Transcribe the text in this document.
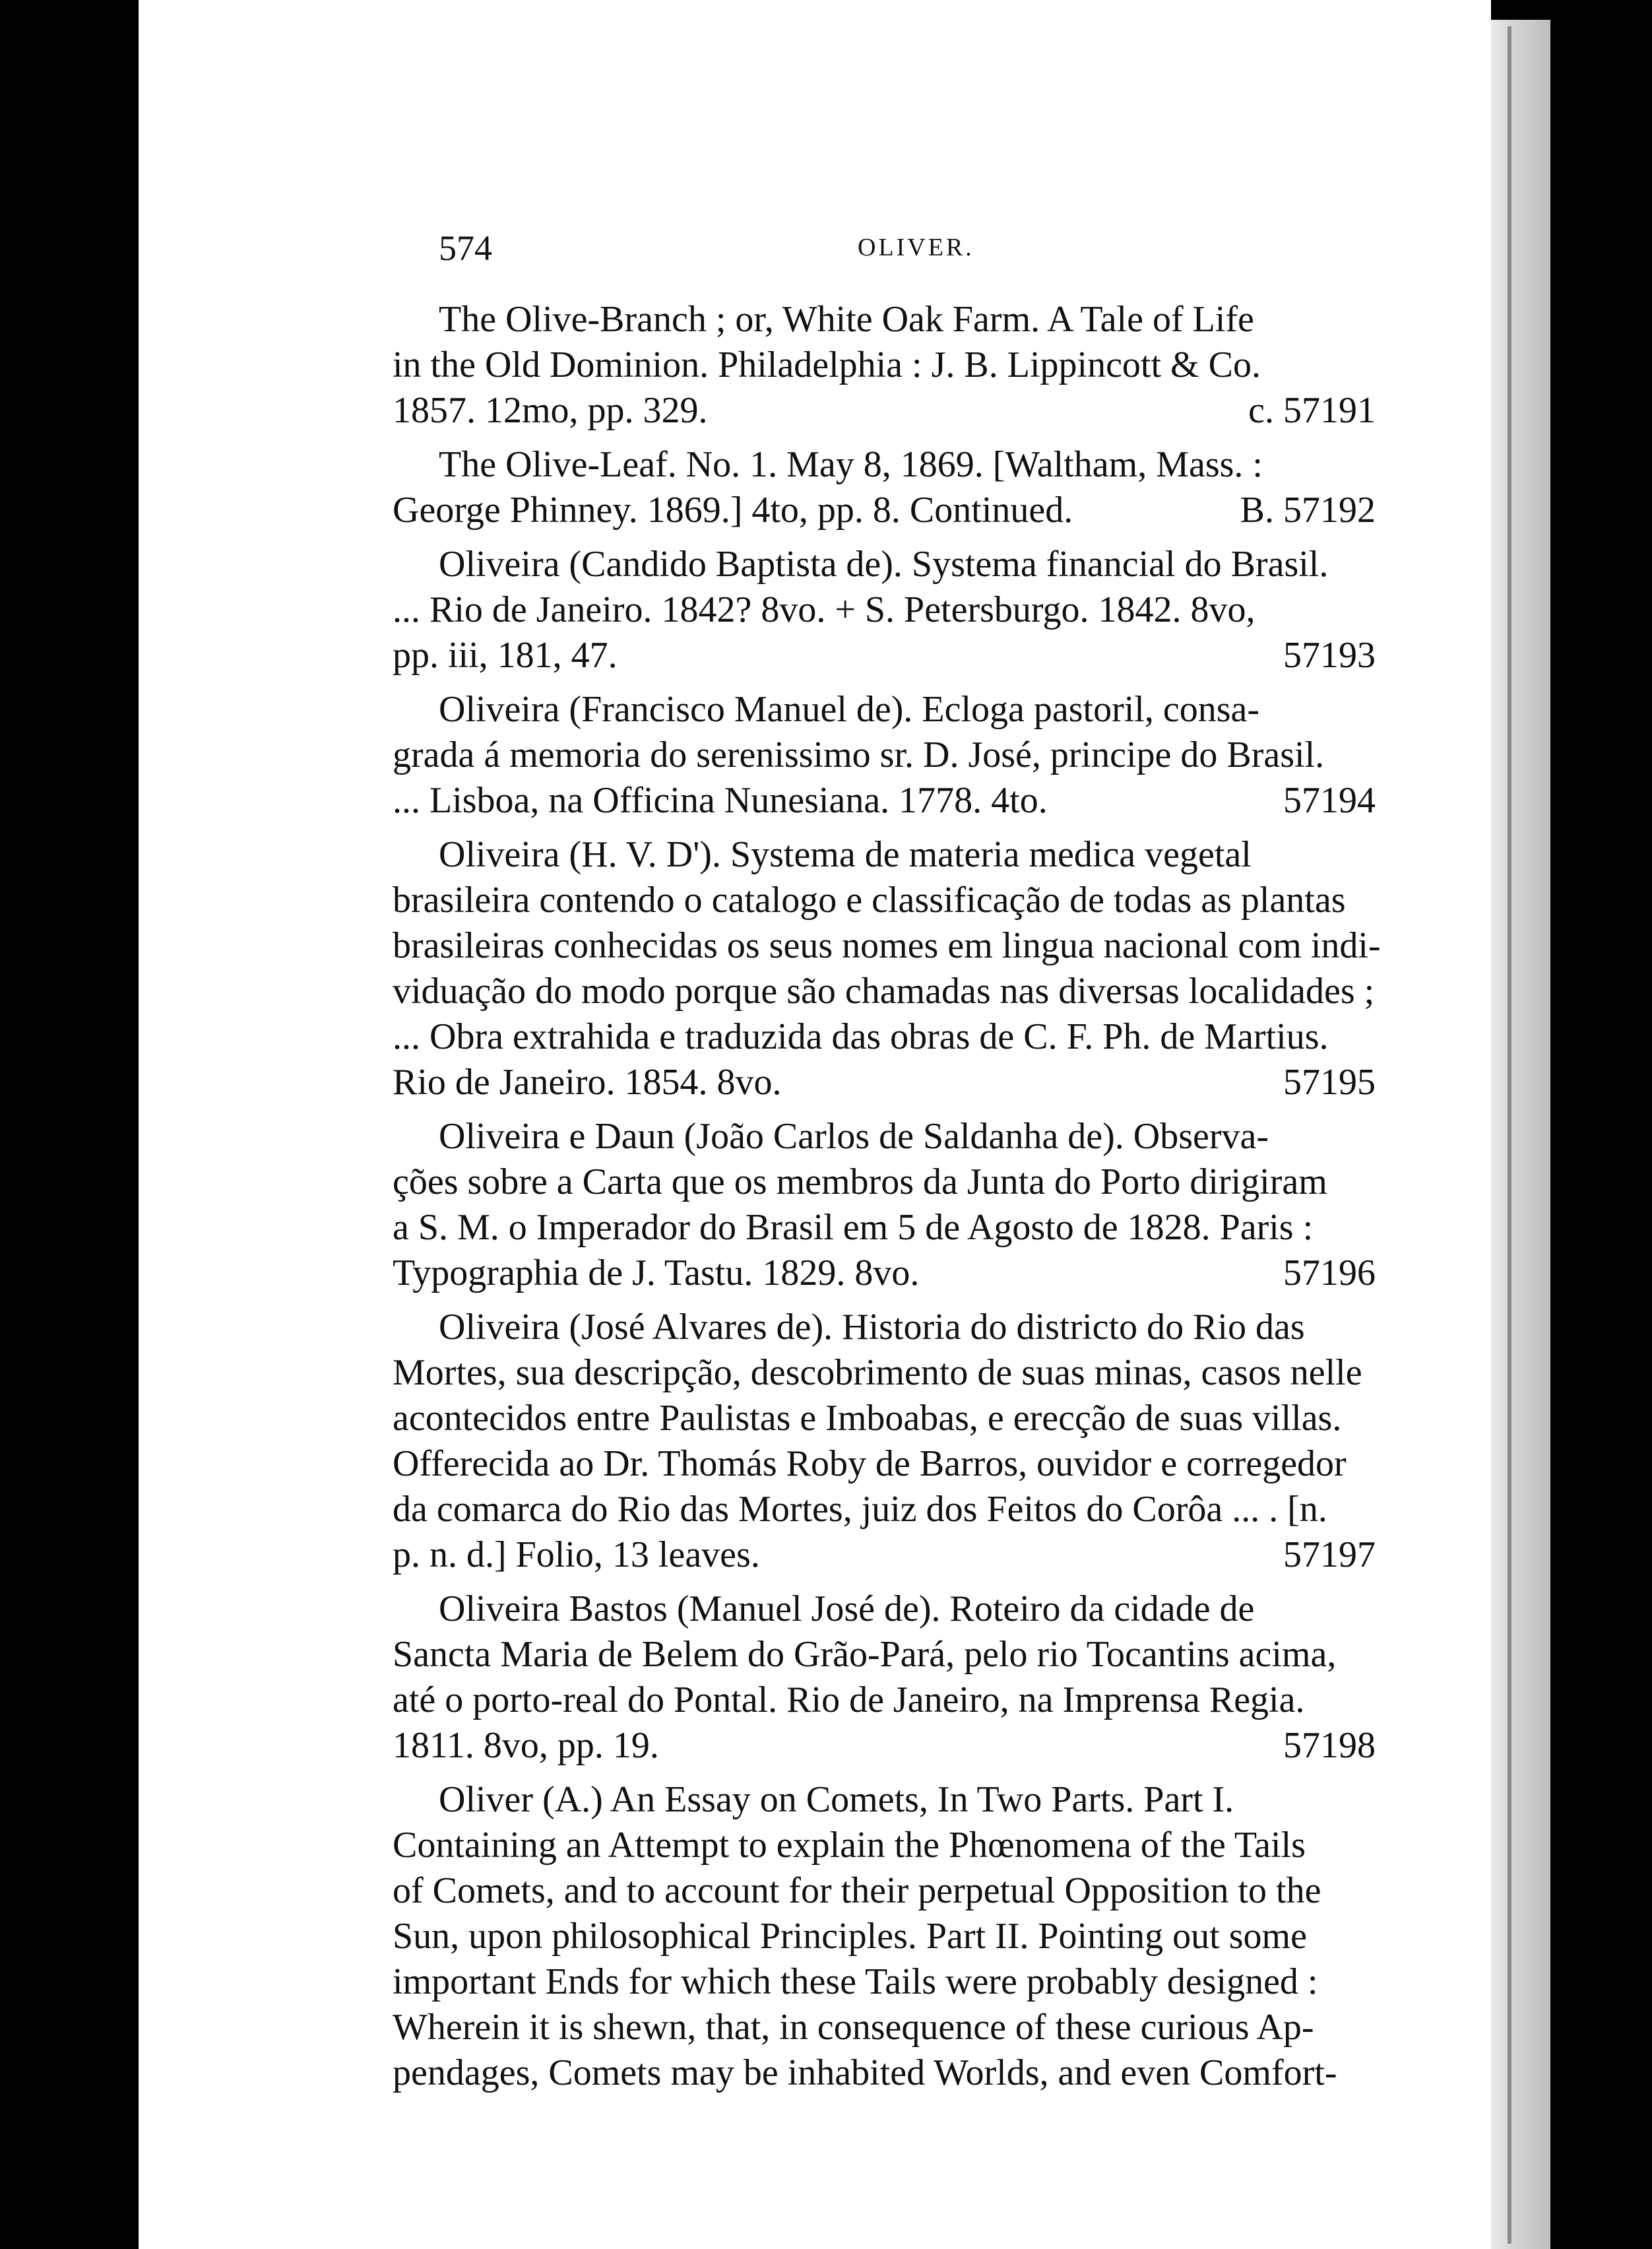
574	OLIVER.
The Olive-Branch ; or, White Oak Farm. A Tale of Life
in the Old Dominion. Philadelphia : J. B. Lippincott & Co.
1857. 12mo, pp. 329.	c. 57191
The Olive-Leaf. No. 1. May 8, 1869. [Waltham, Mass. :
George Phinney. 1869.] 4to, pp. 8. Continued.	B. 57192
Oliveira (Candido Baptista de). Systema financial do Brasil.
... Rio de Janeiro. 1842? 8vo. + S. Petersburgo. 1842. 8vo,
pp. iii, 181, 47.	57193
Oliveira (Francisco Manuel de). Ecloga pastoril, consa-
grada á memoria do serenissimo sr. D. José, principe do Brasil.
... Lisboa, na Officina Nunesiana. 1778. 4to.	57194
Oliveira (H. V. D'). Systema de materia medica vegetal
brasileira contendo o catalogo e classificação de todas as plantas
brasileiras conhecidas os seus nomes em lingua nacional com indi-
viduação do modo porque são chamadas nas diversas localidades ;
... Obra extrahida e traduzida das obras de C. F. Ph. de Martius.
Rio de Janeiro. 1854. 8vo.	57195
Oliveira e Daun (João Carlos de Saldanha de). Observa-
ções sobre a Carta que os membros da Junta do Porto dirigiram
a S. M. o Imperador do Brasil em 5 de Agosto de 1828. Paris :
Typographia de J. Tastu. 1829. 8vo.	57196
Oliveira (José Alvares de). Historia do districto do Rio das
Mortes, sua descripção, descobrimento de suas minas, casos nelle
acontecidos entre Paulistas e Imboabas, e erecção de suas villas.
Offerecida ao Dr. Thomás Roby de Barros, ouvidor e corregedor
da comarca do Rio das Mortes, juiz dos Feitos do Corôa ... . [n.
p. n. d.] Folio, 13 leaves.	57197
Oliveira Bastos (Manuel José de). Roteiro da cidade de
Sancta Maria de Belem do Grão-Pará, pelo rio Tocantins acima,
até o porto-real do Pontal. Rio de Janeiro, na Imprensa Regia.
1811. 8vo, pp. 19.	57198
Oliver (A.) An Essay on Comets, In Two Parts. Part I.
Containing an Attempt to explain the Phœnomena of the Tails
of Comets, and to account for their perpetual Opposition to the
Sun, upon philosophical Principles. Part II. Pointing out some
important Ends for which these Tails were probably designed :
Wherein it is shewn, that, in consequence of these curious Ap-
pendages, Comets may be inhabited Worlds, and even Comfort-
